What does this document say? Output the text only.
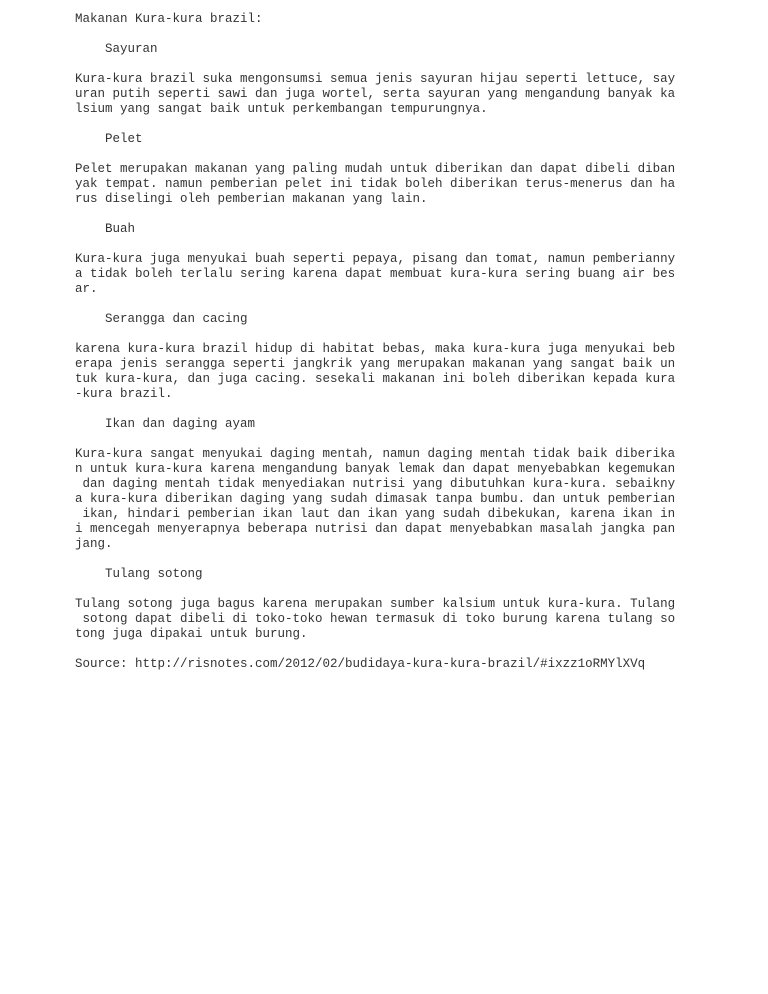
Makanan Kura-kura brazil:
Sayuran
Kura-kura brazil suka mengonsumsi semua jenis sayuran hijau seperti lettuce, say
uran putih seperti sawi dan juga wortel, serta sayuran yang mengandung banyak ka
lsium yang sangat baik untuk perkembangan tempurungnya.
Pelet
Pelet merupakan makanan yang paling mudah untuk diberikan dan dapat dibeli diban
yak tempat. namun pemberian pelet ini tidak boleh diberikan terus-menerus dan ha
rus diselingi oleh pemberian makanan yang lain.
Buah
Kura-kura juga menyukai buah seperti pepaya, pisang dan tomat, namun pemberianny
a tidak boleh terlalu sering karena dapat membuat kura-kura sering buang air bes
ar.
Serangga dan cacing
karena kura-kura brazil hidup di habitat bebas, maka kura-kura juga menyukai beb
erapa jenis serangga seperti jangkrik yang merupakan makanan yang sangat baik un
tuk kura-kura, dan juga cacing. sesekali makanan ini boleh diberikan kepada kura
-kura brazil.
Ikan dan daging ayam
Kura-kura sangat menyukai daging mentah, namun daging mentah tidak baik diberika
n untuk kura-kura karena mengandung banyak lemak dan dapat menyebabkan kegemukan
dan daging mentah tidak menyediakan nutrisi yang dibutuhkan kura-kura. sebaikny
a kura-kura diberikan daging yang sudah dimasak tanpa bumbu. dan untuk pemberian
ikan, hindari pemberian ikan laut dan ikan yang sudah dibekukan, karena ikan in
i mencegah menyerapnya beberapa nutrisi dan dapat menyebabkan masalah jangka pan
jang.
Tulang sotong
Tulang sotong juga bagus karena merupakan sumber kalsium untuk kura-kura. Tulang
sotong dapat dibeli di toko-toko hewan termasuk di toko burung karena tulang so
tong juga dipakai untuk burung.
Source: http://risnotes.com/2012/02/budidaya-kura-kura-brazil/#ixzz1oRMYlXVq
